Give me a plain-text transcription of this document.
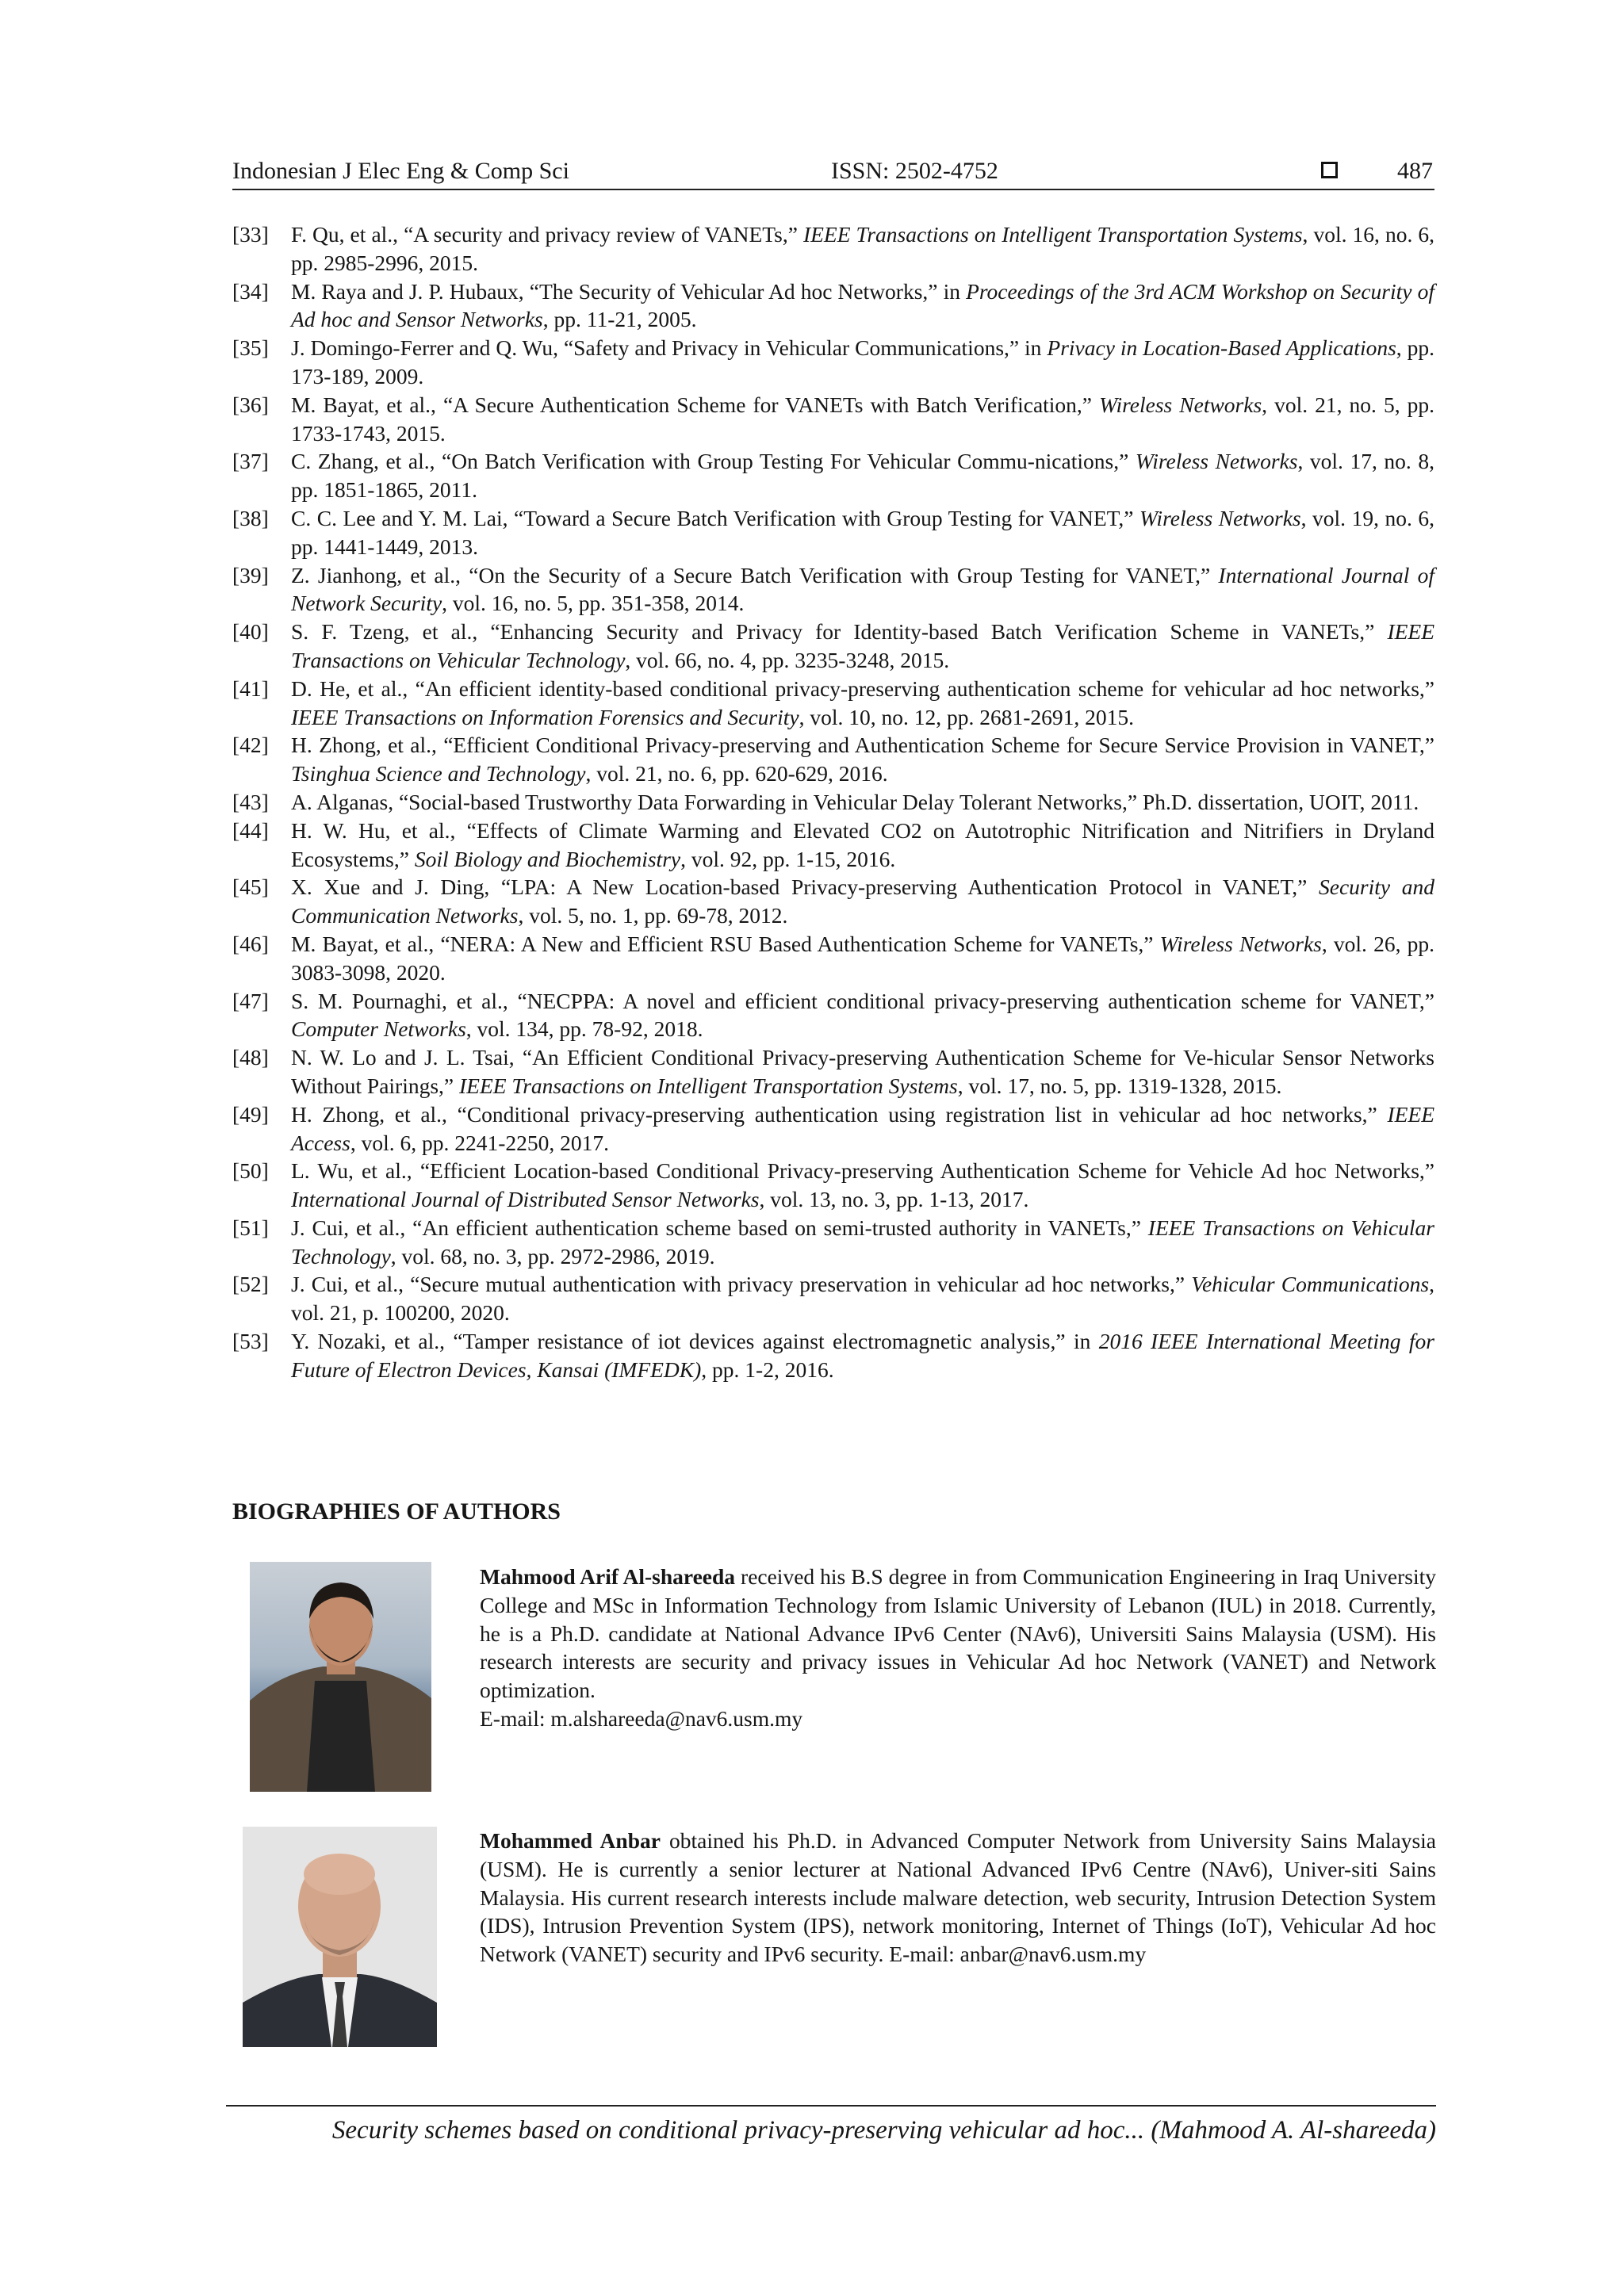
Indonesian J Elec Eng & Comp Sci	ISSN: 2502-4752	487
[33] F. Qu, et al., “A security and privacy review of VANETs,” IEEE Transactions on Intelligent Transportation Systems, vol. 16, no. 6, pp. 2985-2996, 2015.
[34] M. Raya and J. P. Hubaux, “The Security of Vehicular Ad hoc Networks,” in Proceedings of the 3rd ACM Workshop on Security of Ad hoc and Sensor Networks, pp. 11-21, 2005.
[35] J. Domingo-Ferrer and Q. Wu, “Safety and Privacy in Vehicular Communications,” in Privacy in Location-Based Applications, pp. 173-189, 2009.
[36] M. Bayat, et al., “A Secure Authentication Scheme for VANETs with Batch Verification,” Wireless Networks, vol. 21, no. 5, pp. 1733-1743, 2015.
[37] C. Zhang, et al., “On Batch Verification with Group Testing For Vehicular Commu-nications,” Wireless Networks, vol. 17, no. 8, pp. 1851-1865, 2011.
[38] C. C. Lee and Y. M. Lai, “Toward a Secure Batch Verification with Group Testing for VANET,” Wireless Networks, vol. 19, no. 6, pp. 1441-1449, 2013.
[39] Z. Jianhong, et al., “On the Security of a Secure Batch Verification with Group Testing for VANET,” International Journal of Network Security, vol. 16, no. 5, pp. 351-358, 2014.
[40] S. F. Tzeng, et al., “Enhancing Security and Privacy for Identity-based Batch Verification Scheme in VANETs,” IEEE Transactions on Vehicular Technology, vol. 66, no. 4, pp. 3235-3248, 2015.
[41] D. He, et al., “An efficient identity-based conditional privacy-preserving authentication scheme for vehicular ad hoc networks,” IEEE Transactions on Information Forensics and Security, vol. 10, no. 12, pp. 2681-2691, 2015.
[42] H. Zhong, et al., “Efficient Conditional Privacy-preserving and Authentication Scheme for Secure Service Provision in VANET,” Tsinghua Science and Technology, vol. 21, no. 6, pp. 620-629, 2016.
[43] A. Alganas, “Social-based Trustworthy Data Forwarding in Vehicular Delay Tolerant Networks,” Ph.D. dissertation, UOIT, 2011.
[44] H. W. Hu, et al., “Effects of Climate Warming and Elevated CO2 on Autotrophic Nitrification and Nitrifiers in Dryland Ecosystems,” Soil Biology and Biochemistry, vol. 92, pp. 1-15, 2016.
[45] X. Xue and J. Ding, “LPA: A New Location-based Privacy-preserving Authentication Protocol in VANET,” Security and Communication Networks, vol. 5, no. 1, pp. 69-78, 2012.
[46] M. Bayat, et al., “NERA: A New and Efficient RSU Based Authentication Scheme for VANETs,” Wireless Networks, vol. 26, pp. 3083-3098, 2020.
[47] S. M. Pournaghi, et al., “NECPPA: A novel and efficient conditional privacy-preserving authentication scheme for VANET,” Computer Networks, vol. 134, pp. 78-92, 2018.
[48] N. W. Lo and J. L. Tsai, “An Efficient Conditional Privacy-preserving Authentication Scheme for Ve-hicular Sensor Networks Without Pairings,” IEEE Transactions on Intelligent Transportation Systems, vol. 17, no. 5, pp. 1319-1328, 2015.
[49] H. Zhong, et al., “Conditional privacy-preserving authentication using registration list in vehicular ad hoc networks,” IEEE Access, vol. 6, pp. 2241-2250, 2017.
[50] L. Wu, et al., “Efficient Location-based Conditional Privacy-preserving Authentication Scheme for Vehicle Ad hoc Networks,” International Journal of Distributed Sensor Networks, vol. 13, no. 3, pp. 1-13, 2017.
[51] J. Cui, et al., “An efficient authentication scheme based on semi-trusted authority in VANETs,” IEEE Transactions on Vehicular Technology, vol. 68, no. 3, pp. 2972-2986, 2019.
[52] J. Cui, et al., “Secure mutual authentication with privacy preservation in vehicular ad hoc networks,” Vehicular Communications, vol. 21, p. 100200, 2020.
[53] Y. Nozaki, et al., “Tamper resistance of iot devices against electromagnetic analysis,” in 2016 IEEE International Meeting for Future of Electron Devices, Kansai (IMFEDK), pp. 1-2, 2016.
BIOGRAPHIES OF AUTHORS
Mahmood Arif Al-shareeda received his B.S degree in from Communication Engineering in Iraq University College and MSc in Information Technology from Islamic University of Lebanon (IUL) in 2018. Currently, he is a Ph.D. candidate at National Advance IPv6 Center (NAv6), Universiti Sains Malaysia (USM). His research interests are security and privacy issues in Vehicular Ad hoc Network (VANET) and Network optimization.
E-mail: m.alshareeda@nav6.usm.my
Mohammed Anbar obtained his Ph.D. in Advanced Computer Network from University Sains Malaysia (USM). He is currently a senior lecturer at National Advanced IPv6 Centre (NAv6), Univer-siti Sains Malaysia. His current research interests include malware detection, web security, Intrusion Detection System (IDS), Intrusion Prevention System (IPS), network monitoring, Internet of Things (IoT), Vehicular Ad hoc Network (VANET) security and IPv6 security. E-mail: anbar@nav6.usm.my
Security schemes based on conditional privacy-preserving vehicular ad hoc... (Mahmood A. Al-shareeda)
